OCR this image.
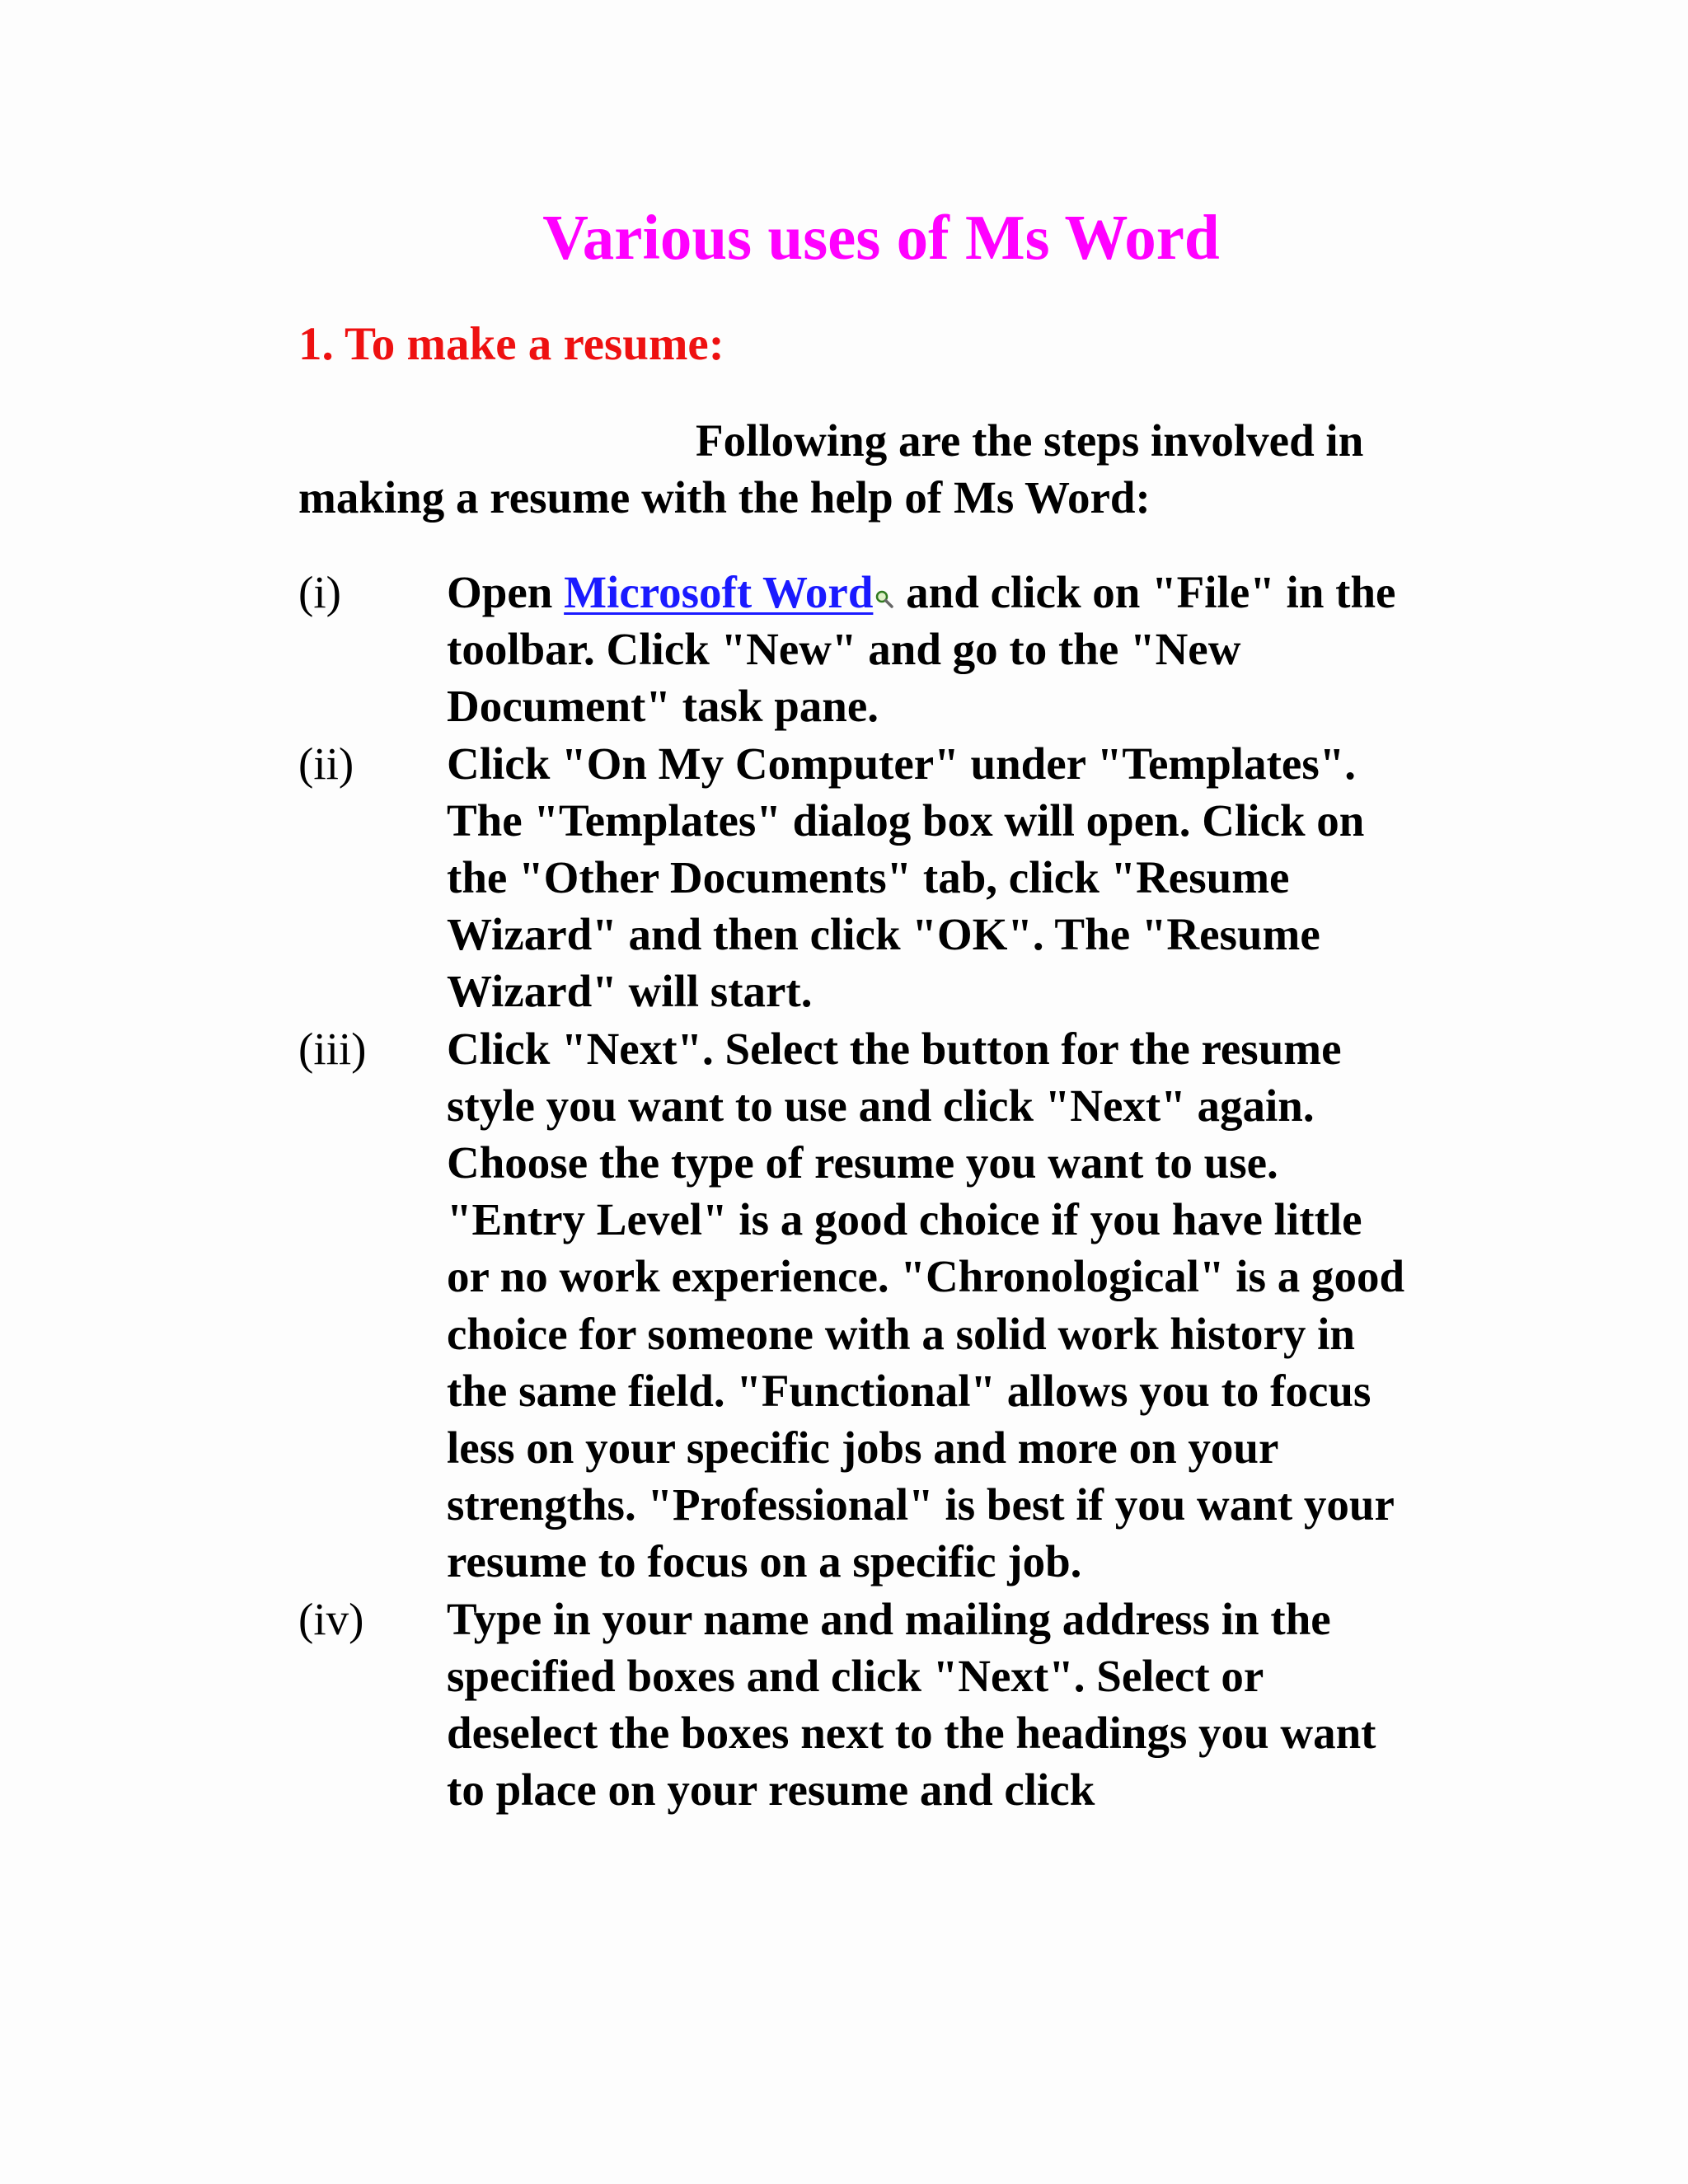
Various uses of Ms Word
1. To make a resume:

Following are the steps involved in making a resume with the help of Ms Word:

(i)	Open Microsoft Word and click on "File" in the toolbar. Click "New" and go to the "New Document" task pane.
(ii)	Click "On My Computer" under "Templates". The "Templates" dialog box will open. Click on the "Other Documents" tab, click "Resume Wizard" and then click "OK". The "Resume Wizard" will start.
(iii)	Click "Next". Select the button for the resume style you want to use and click "Next" again. Choose the type of resume you want to use. "Entry Level" is a good choice if you have little or no work experience. "Chronological" is a good choice for someone with a solid work history in the same field. "Functional" allows you to focus less on your specific jobs and more on your strengths. "Professional" is best if you want your resume to focus on a specific job.
(iv)	Type in your name and mailing address in the specified boxes and click "Next". Select or deselect the boxes next to the headings you want to place on your resume and click
